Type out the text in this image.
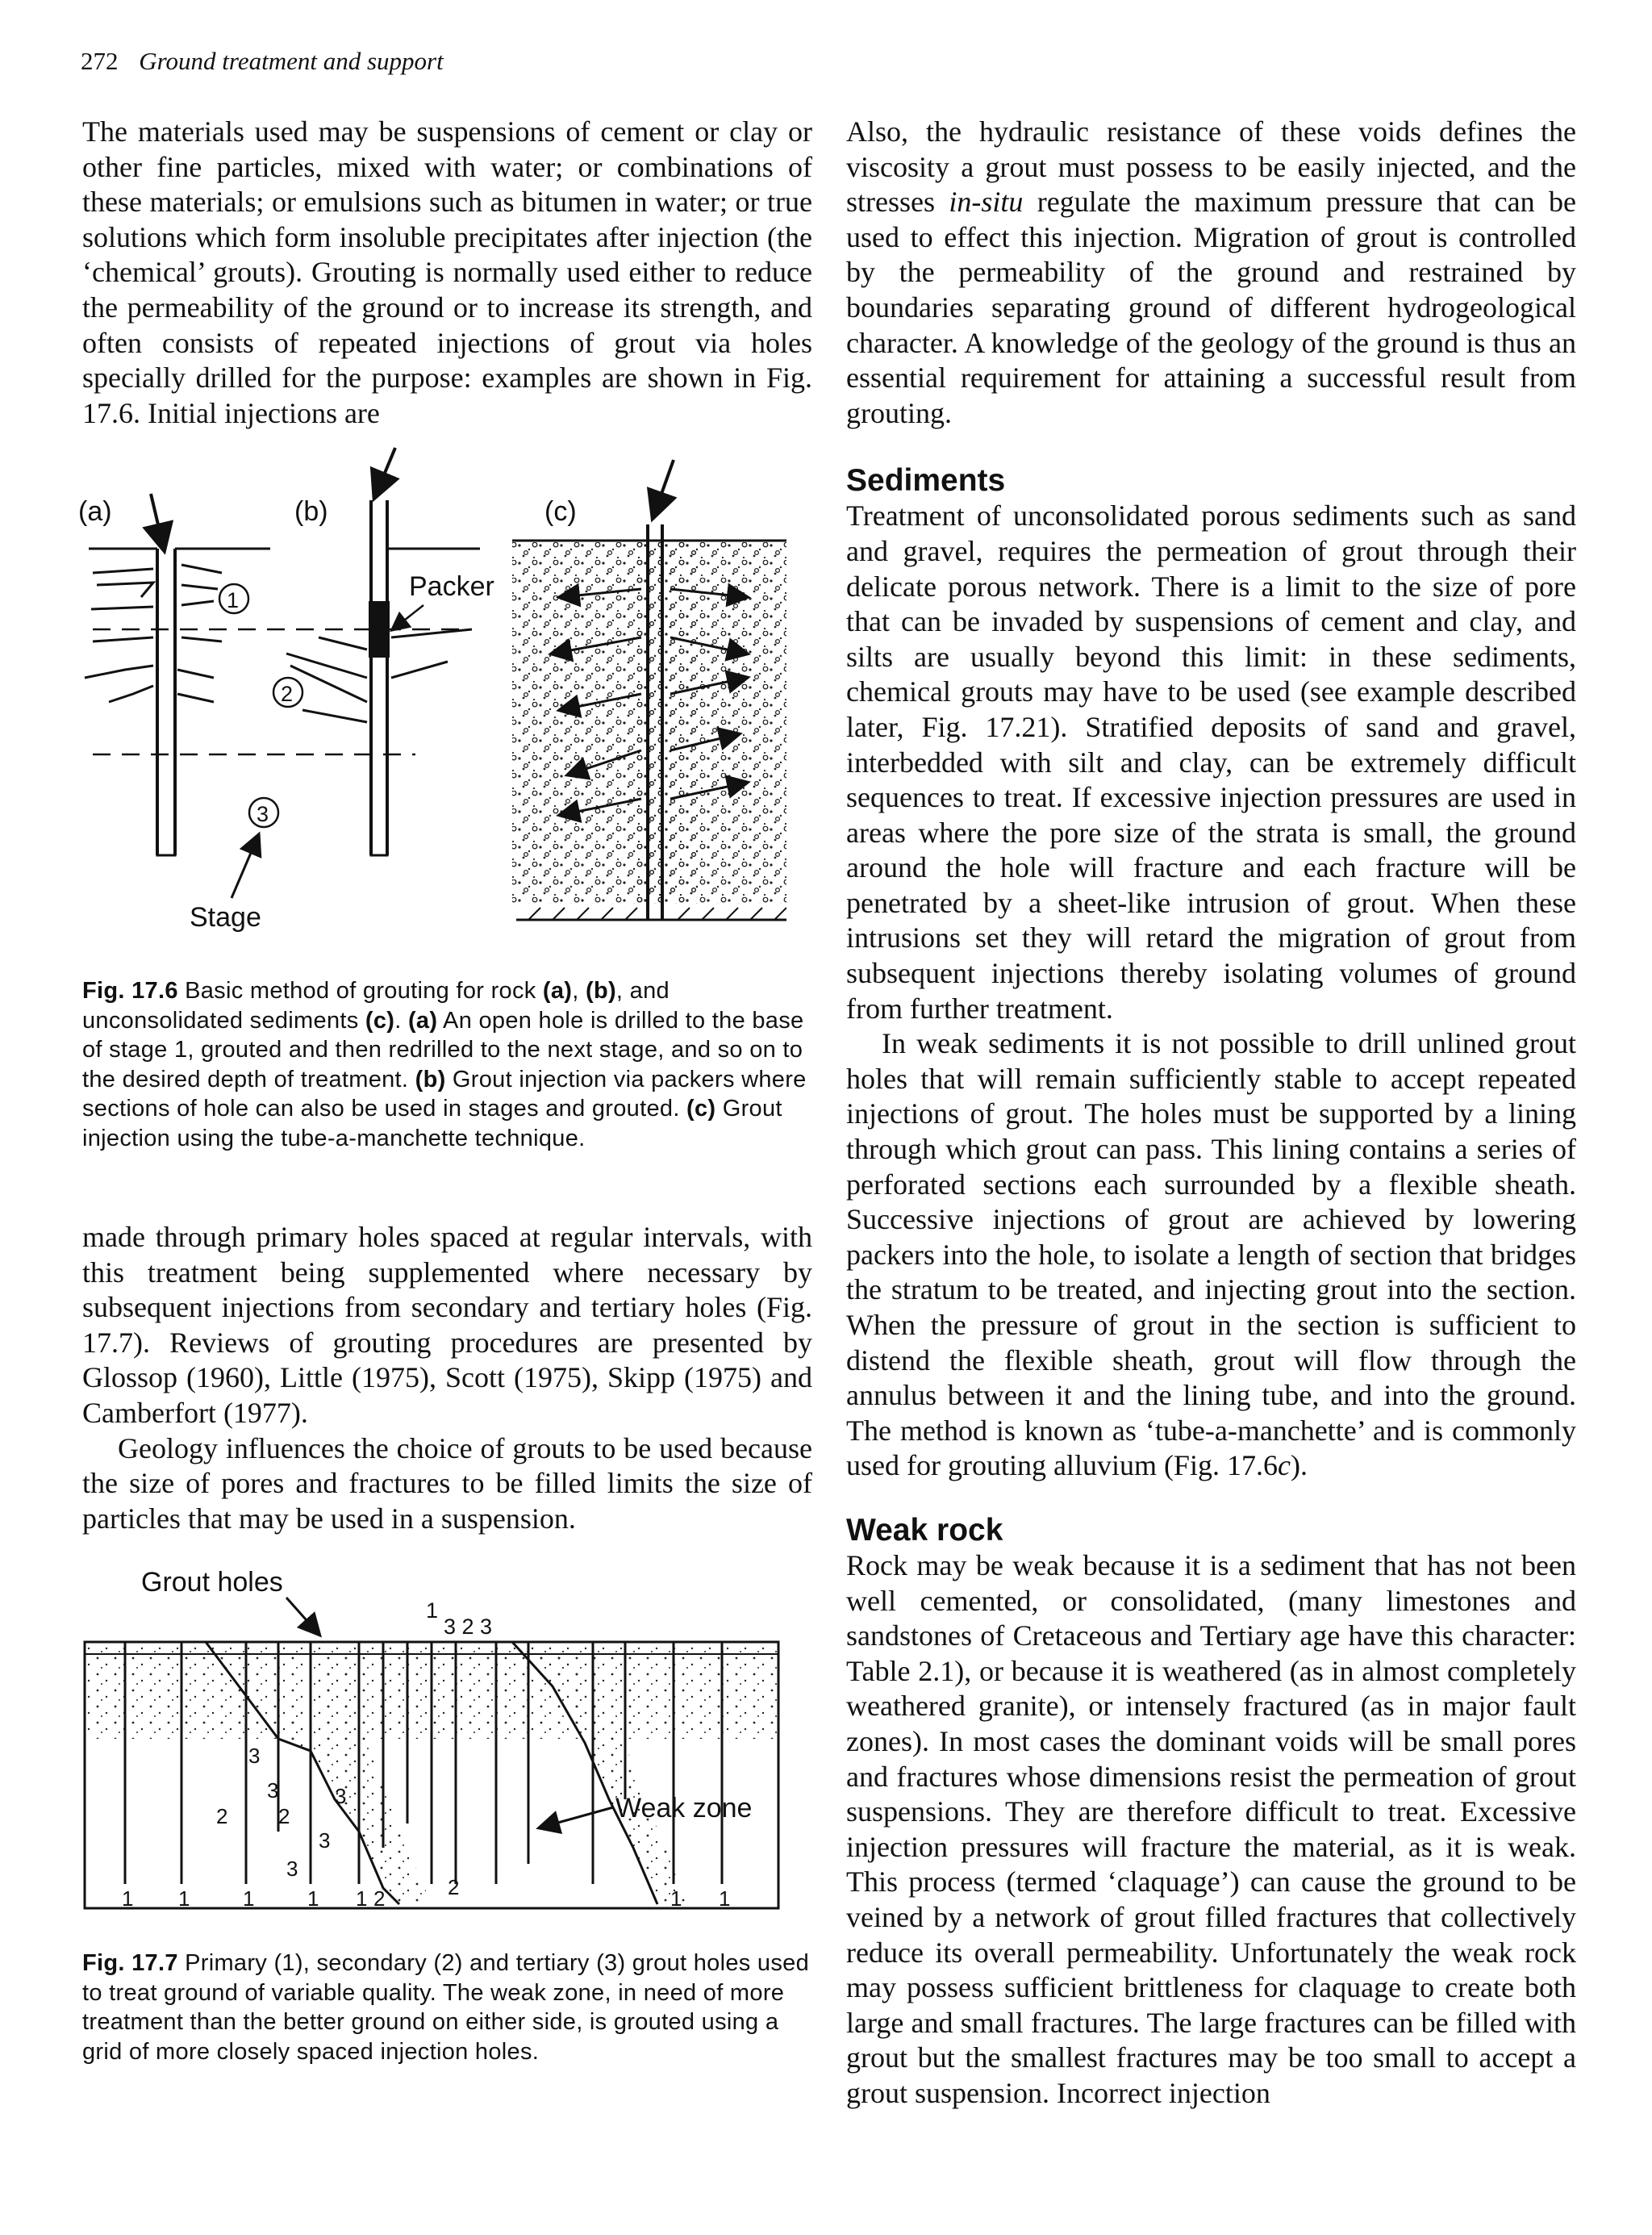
272 Ground treatment and support

The materials used may be suspensions of cement or clay or other fine particles, mixed with water; or combinations of these materials; or emulsions such as bitumen in water; or true solutions which form insoluble precipitates after injection (the ‘chemical’ grouts). Grouting is normally used either to reduce the permeability of the ground or to increase its strength, and often consists of repeated injections of grout via holes specially drilled for the purpose: examples are shown in Fig. 17.6. Initial injections are

(a)
1
2
3
Stage
(b)
Packer
(c)
Fig. 17.6 Basic method of grouting for rock (a), (b), and unconsolidated sediments (c). (a) An open hole is drilled to the base of stage 1, grouted and then redrilled to the next stage, and so on to the desired depth of treatment. (b) Grout injection via packers where sections of hole can also be used in stages and grouted. (c) Grout injection using the tube-a-manchette technique.

made through primary holes spaced at regular intervals, with this treatment being supplemented where necessary by subsequent injections from secondary and tertiary holes (Fig. 17.7). Reviews of grouting procedures are presented by Glossop (1960), Little (1975), Scott (1975), Skipp (1975) and Camberfort (1977).

Geology influences the choice of grouts to be used because the size of pores and fractures to be filled limits the size of particles that may be used in a suspension.

Grout holes
1
3 2 3
1 1	1	1 1 2	2	1 1
2 2
3
3	3
3
3
Weak zone
Fig. 17.7 Primary (1), secondary (2) and tertiary (3) grout holes used to treat ground of variable quality. The weak zone, in need of more treatment than the better ground on either side, is grouted using a grid of more closely spaced injection holes.

Also, the hydraulic resistance of these voids defines the viscosity a grout must possess to be easily injected, and the stresses in-situ regulate the maximum pressure that can be used to effect this injection. Migration of grout is controlled by the permeability of the ground and restrained by boundaries separating ground of different hydrogeological character. A knowledge of the geology of the ground is thus an essential requirement for attaining a successful result from grouting.

Sediments

Treatment of unconsolidated porous sediments such as sand and gravel, requires the permeation of grout through their delicate porous network. There is a limit to the size of pore that can be invaded by suspensions of cement and clay, and silts are usually beyond this limit: in these sediments, chemical grouts may have to be used (see example described later, Fig. 17.21). Stratified deposits of sand and gravel, interbedded with silt and clay, can be extremely difficult sequences to treat. If excessive injection pressures are used in areas where the pore size of the strata is small, the ground around the hole will fracture and each fracture will be penetrated by a sheet-like intrusion of grout. When these intrusions set they will retard the migration of grout from subsequent injections thereby isolating volumes of ground from further treatment.

In weak sediments it is not possible to drill unlined grout holes that will remain sufficiently stable to accept repeated injections of grout. The holes must be supported by a lining through which grout can pass. This lining contains a series of perforated sections each surrounded by a flexible sheath. Successive injections of grout are achieved by lowering packers into the hole, to isolate a length of section that bridges the stratum to be treated, and injecting grout into the section. When the pressure of grout in the section is sufficient to distend the flexible sheath, grout will flow through the annulus between it and the lining tube, and into the ground. The method is known as ‘tube-a-manchette’ and is commonly used for grouting alluvium (Fig. 17.6c).

Weak rock

Rock may be weak because it is a sediment that has not been well cemented, or consolidated, (many limestones and sandstones of Cretaceous and Tertiary age have this character: Table 2.1), or because it is weathered (as in almost completely weathered granite), or intensely fractured (as in major fault zones). In most cases the dominant voids will be small pores and fractures whose dimensions resist the permeation of grout suspensions. They are therefore difficult to treat. Excessive injection pressures will fracture the material, as it is weak. This process (termed ‘claquage’) can cause the ground to be veined by a network of grout filled fractures that collectively reduce its overall permeability. Unfortunately the weak rock may possess sufficient brittleness for claquage to create both large and small fractures. The large fractures can be filled with grout but the smallest fractures may be too small to accept a grout suspension. Incorrect injection
